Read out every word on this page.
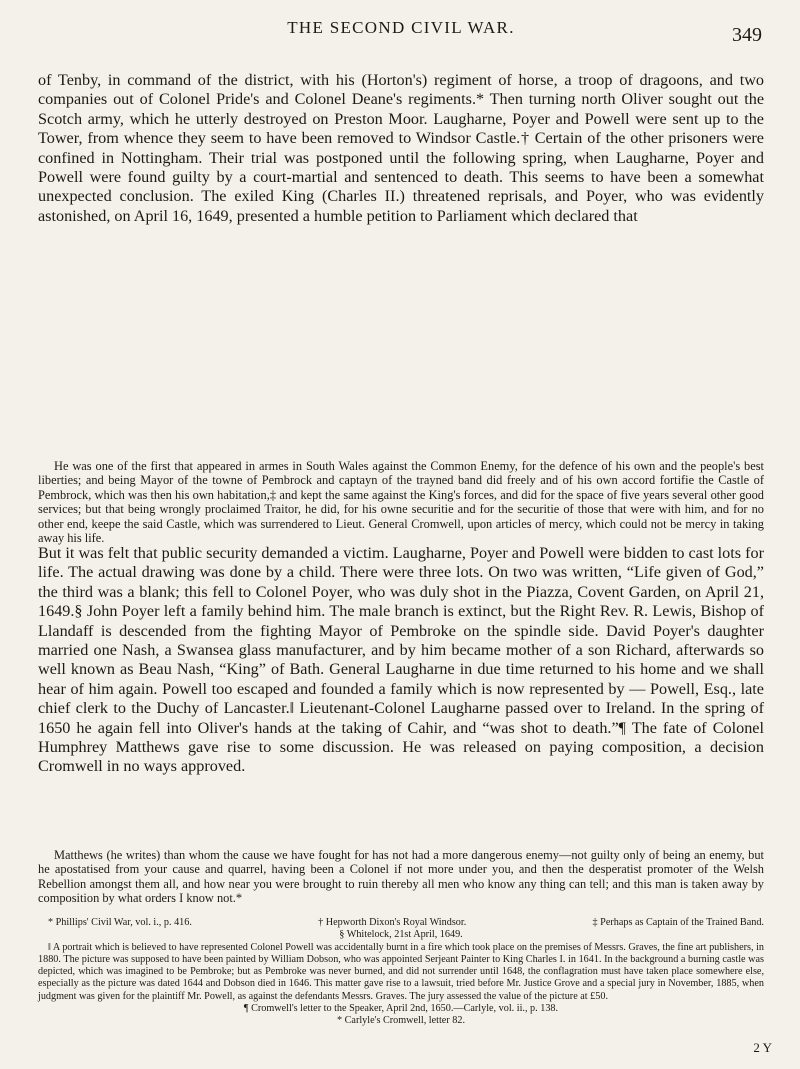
THE SECOND CIVIL WAR.	349

of Tenby, in command of the district, with his (Horton's) regiment of horse, a troop of dragoons, and two companies out of Colonel Pride's and Colonel Deane's regiments.* Then turning north Oliver sought out the Scotch army, which he utterly destroyed on Preston Moor. Laugharne, Poyer and Powell were sent up to the Tower, from whence they seem to have been removed to Windsor Castle.† Certain of the other prisoners were confined in Nottingham. Their trial was postponed until the following spring, when Laugharne, Poyer and Powell were found guilty by a court-martial and sentenced to death. This seems to have been a somewhat unexpected conclusion. The exiled King (Charles II.) threatened reprisals, and Poyer, who was evidently astonished, on April 16, 1649, presented a humble petition to Parliament which declared that

He was one of the first that appeared in armes in South Wales against the Common Enemy, for the defence of his own and the people's best liberties; and being Mayor of the towne of Pembrock and captayn of the trayned band did freely and of his own accord fortifie the Castle of Pembrock, which was then his own habitation,‡ and kept the same against the King's forces, and did for the space of five years several other good services; but that being wrongly proclaimed Traitor, he did, for his owne securitie and for the securitie of those that were with him, and for no other end, keepe the said Castle, which was surrendered to Lieut. General Cromwell, upon articles of mercy, which could not be mercy in taking away his life.

But it was felt that public security demanded a victim. Laugharne, Poyer and Powell were bidden to cast lots for life. The actual drawing was done by a child. There were three lots. On two was written, “Life given of God,” the third was a blank; this fell to Colonel Poyer, who was duly shot in the Piazza, Covent Garden, on April 21, 1649.§ John Poyer left a family behind him. The male branch is extinct, but the Right Rev. R. Lewis, Bishop of Llandaff is descended from the fighting Mayor of Pembroke on the spindle side. David Poyer's daughter married one Nash, a Swansea glass manufacturer, and by him became mother of a son Richard, afterwards so well known as Beau Nash, “King” of Bath. General Laugharne in due time returned to his home and we shall hear of him again. Powell too escaped and founded a family which is now represented by — Powell, Esq., late chief clerk to the Duchy of Lancaster.‖ Lieutenant-Colonel Laugharne passed over to Ireland. In the spring of 1650 he again fell into Oliver's hands at the taking of Cahir, and “was shot to death.”¶ The fate of Colonel Humphrey Matthews gave rise to some discussion. He was released on paying composition, a decision Cromwell in no ways approved.

Matthews (he writes) than whom the cause we have fought for has not had a more dangerous enemy—not guilty only of being an enemy, but he apostatised from your cause and quarrel, having been a Colonel if not more under you, and then the desperatist promoter of the Welsh Rebellion amongst them all, and how near you were brought to ruin thereby all men who know any thing can tell; and this man is taken away by composition by what orders I know not.*

* Phillips' Civil War, vol. i., p. 416.	† Hepworth Dixon's Royal Windsor.	‡ Perhaps as Captain of the Trained Band.
§ Whitelock, 21st April, 1649.
‖ A portrait which is believed to have represented Colonel Powell was accidentally burnt in a fire which took place on the premises of Messrs. Graves, the fine art publishers, in 1880. The picture was supposed to have been painted by William Dobson, who was appointed Serjeant Painter to King Charles I. in 1641. In the background a burning castle was depicted, which was imagined to be Pembroke; but as Pembroke was never burned, and did not surrender until 1648, the conflagration must have taken place somewhere else, especially as the picture was dated 1644 and Dobson died in 1646. This matter gave rise to a lawsuit, tried before Mr. Justice Grove and a special jury in November, 1885, when judgment was given for the plaintiff Mr. Powell, as against the defendants Messrs. Graves. The jury assessed the value of the picture at £50.
¶ Cromwell's letter to the Speaker, April 2nd, 1650.—Carlyle, vol. ii., p. 138.
* Carlyle's Cromwell, letter 82.
2 Y
